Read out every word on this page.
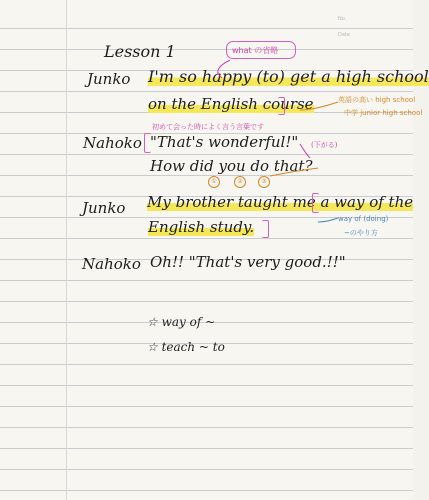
No.
Date
Lesson 1	what の省略
Junko I'm so happy (to) get a high school
on the English course	英語の高い high school
中学 junior high school
初めて会った時によく言う言葉です
Nahoko "That's wonderful!" (下がる)
How did you do that?
①	②	③
Junko My brother taught me a way of the
English study.	way of (doing)
~のやり方
Nahoko Oh!! "That's very good.!!"
☆ way of ~
☆ teach ~ to
